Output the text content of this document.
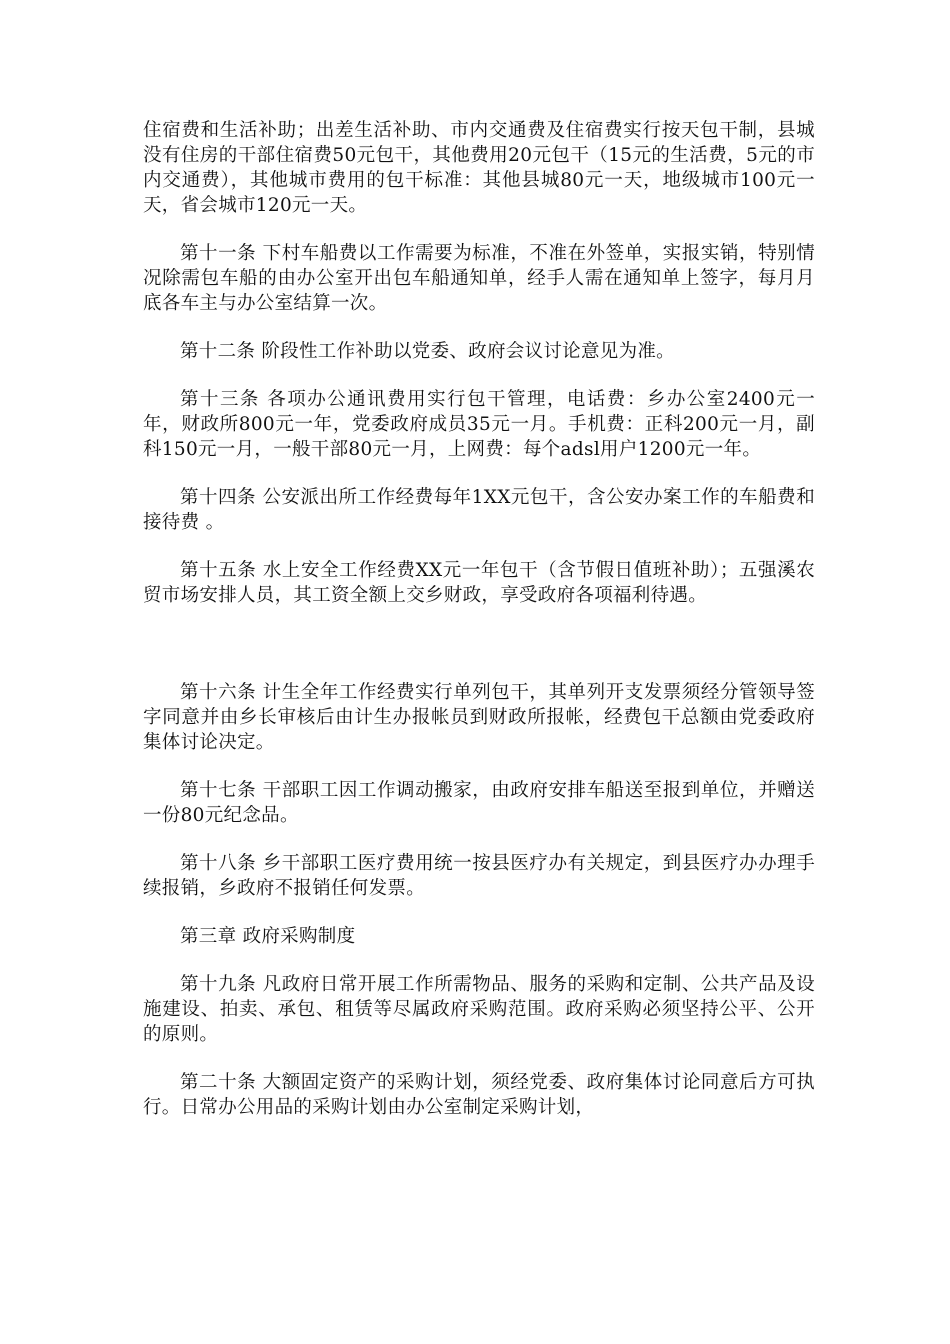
住宿费和生活补助；出差生活补助、市内交通费及住宿费实行按天包干制，县城没有住房的干部住宿费50元包干，其他费用20元包干（15元的生活费，5元的市内交通费），其他城市费用的包干标准：其他县城80元一天，地级城市100元一天，省会城市120元一天。

第十一条 下村车船费以工作需要为标准，不准在外签单，实报实销，特别情况除需包车船的由办公室开出包车船通知单，经手人需在通知单上签字，每月月底各车主与办公室结算一次。

第十二条 阶段性工作补助以党委、政府会议讨论意见为准。

第十三条 各项办公通讯费用实行包干管理，电话费：乡办公室2400元一年，财政所800元一年，党委政府成员35元一月。手机费：正科200元一月，副科150元一月，一般干部80元一月，上网费：每个adsl用户1200元一年。

第十四条 公安派出所工作经费每年1XX元包干，含公安办案工作的车船费和接待费 。

第十五条 水上安全工作经费XX元一年包干（含节假日值班补助）；五强溪农贸市场安排人员，其工资全额上交乡财政，享受政府各项福利待遇。

第十六条 计生全年工作经费实行单列包干，其单列开支发票须经分管领导签字同意并由乡长审核后由计生办报帐员到财政所报帐，经费包干总额由党委政府集体讨论决定。

第十七条 干部职工因工作调动搬家，由政府安排车船送至报到单位，并赠送一份80元纪念品。

第十八条 乡干部职工医疗费用统一按县医疗办有关规定，到县医疗办办理手续报销，乡政府不报销任何发票。

第三章 政府采购制度

第十九条 凡政府日常开展工作所需物品、服务的采购和定制、公共产品及设施建设、拍卖、承包、租赁等尽属政府采购范围。政府采购必须坚持公平、公开的原则。

第二十条 大额固定资产的采购计划，须经党委、政府集体讨论同意后方可执行。日常办公用品的采购计划由办公室制定采购计划，
